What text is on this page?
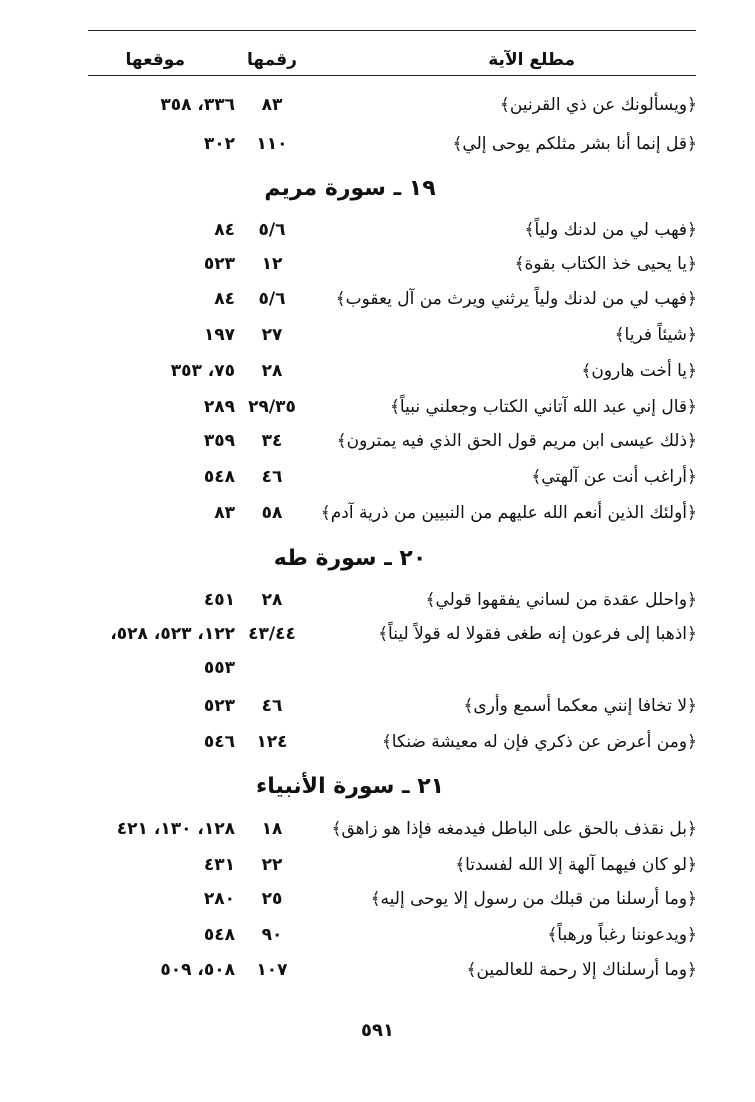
مطلع الآية
رقمها
موقعها
﴿ويسألونك عن ذي القرنين﴾
٨٣
٣٣٦، ٣٥٨
﴿قل إنما أنا بشر مثلكم يوحى إلي﴾
١١٠
٣٠٢
١٩ ـ سورة مريم
﴿فهب لي من لدنك ولياً﴾
٥/٦
٨٤
﴿يا يحيى خذ الكتاب بقوة﴾
١٢
٥٢٣
﴿فهب لي من لدنك ولياً يرثني ويرث من آل يعقوب﴾
٥/٦
٨٤
﴿شيئاً فريا﴾
٢٧
١٩٧
﴿يا أخت هارون﴾
٢٨
٧٥، ٣٥٣
﴿قال إني عبد الله آتاني الكتاب وجعلني نبياً﴾
٢٩/٣٥
٢٨٩
﴿ذلك عيسى ابن مريم قول الحق الذي فيه يمترون﴾
٣٤
٣٥٩
﴿أراغب أنت عن آلهتي﴾
٤٦
٥٤٨
﴿أولئك الذين أنعم الله عليهم من النبيين من ذرية آدم﴾
٥٨
٨٣
٢٠ ـ سورة طه
﴿واحلل عقدة من لساني يفقهوا قولي﴾
٢٨
٤٥١
﴿اذهبا إلى فرعون إنه طغى فقولا له قولاً ليناً﴾
٤٣/٤٤
١٢٢، ٥٢٣، ٥٢٨،
٥٥٣
﴿لا تخافا إنني معكما أسمع وأرى﴾
٤٦
٥٢٣
﴿ومن أعرض عن ذكري فإن له معيشة ضنكا﴾
١٢٤
٥٤٦
٢١ ـ سورة الأنبياء
﴿بل نقذف بالحق على الباطل فيدمغه فإذا هو زاهق﴾
١٨
١٢٨، ١٣٠، ٤٢١
﴿لو كان فيهما آلهة إلا الله لفسدتا﴾
٢٢
٤٣١
﴿وما أرسلنا من قبلك من رسول إلا يوحى إليه﴾
٢٥
٢٨٠
﴿ويدعوننا رغباً ورهباً﴾
٩٠
٥٤٨
﴿وما أرسلناك إلا رحمة للعالمين﴾
١٠٧
٥٠٨، ٥٠٩
٥٩١
